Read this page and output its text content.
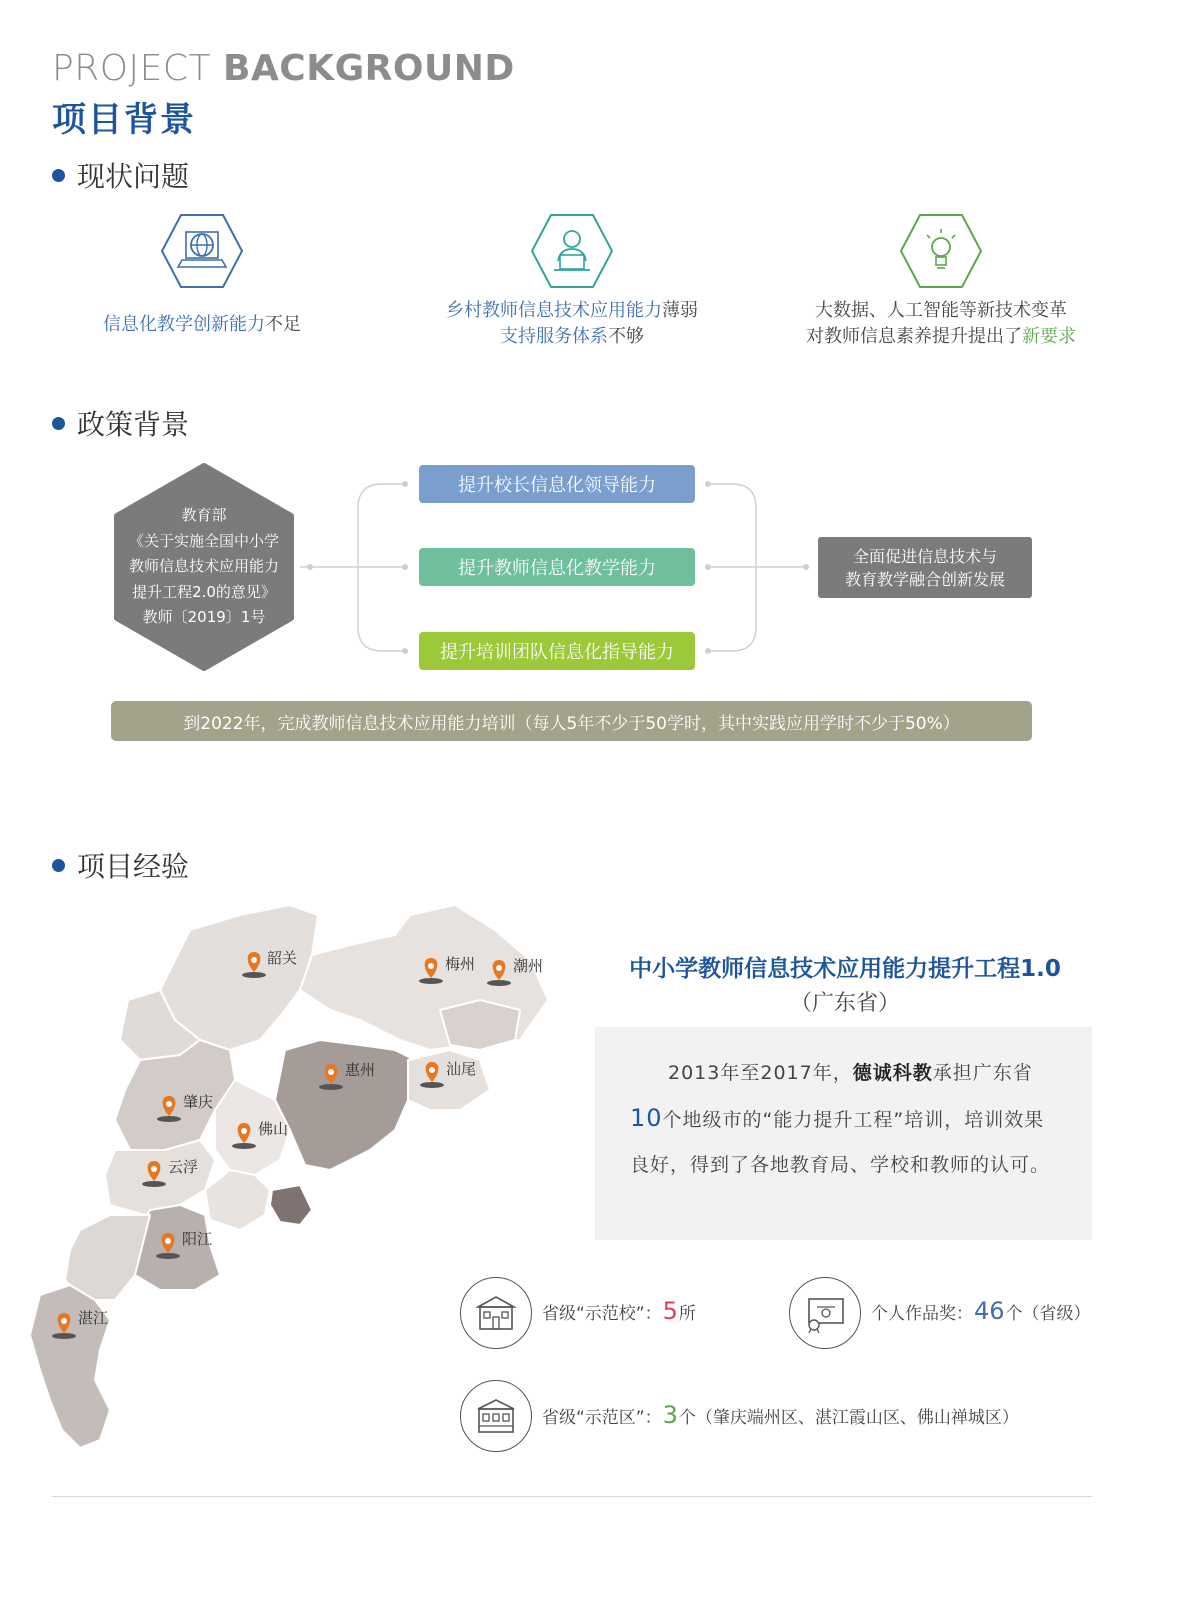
PROJECT BACKGROUND
项目背景
现状问题
信息化教学创新能力不足
乡村教师信息技术应用能力薄弱
支持服务体系不够
大数据、人工智能等新技术变革
对教师信息素养提升提出了新要求
政策背景
教育部
《关于实施全国中小学
教师信息技术应用能力
提升工程2.0的意见》
教师〔2019〕1号
提升校长信息化领导能力
提升教师信息化教学能力
提升培训团队信息化指导能力
全面促进信息技术与
教育教学融合创新发展
到2022年，完成教师信息技术应用能力培训（每人5年不少于50学时，其中实践应用学时不少于50%）
项目经验
韶关	梅州	潮州
惠州	汕尾
肇庆
佛山
云浮
阳江
湛江
中小学教师信息技术应用能力提升工程1.0
（广东省）
2013年至2017年，德诚科教承担广东省10个地级市的“能力提升工程”培训，培训效果良好，得到了各地教育局、学校和教师的认可。
省级“示范校”： 5 所	个人作品奖： 46 个（省级）
省级“示范区”： 3 个（肇庆端州区、湛江霞山区、佛山禅城区）
